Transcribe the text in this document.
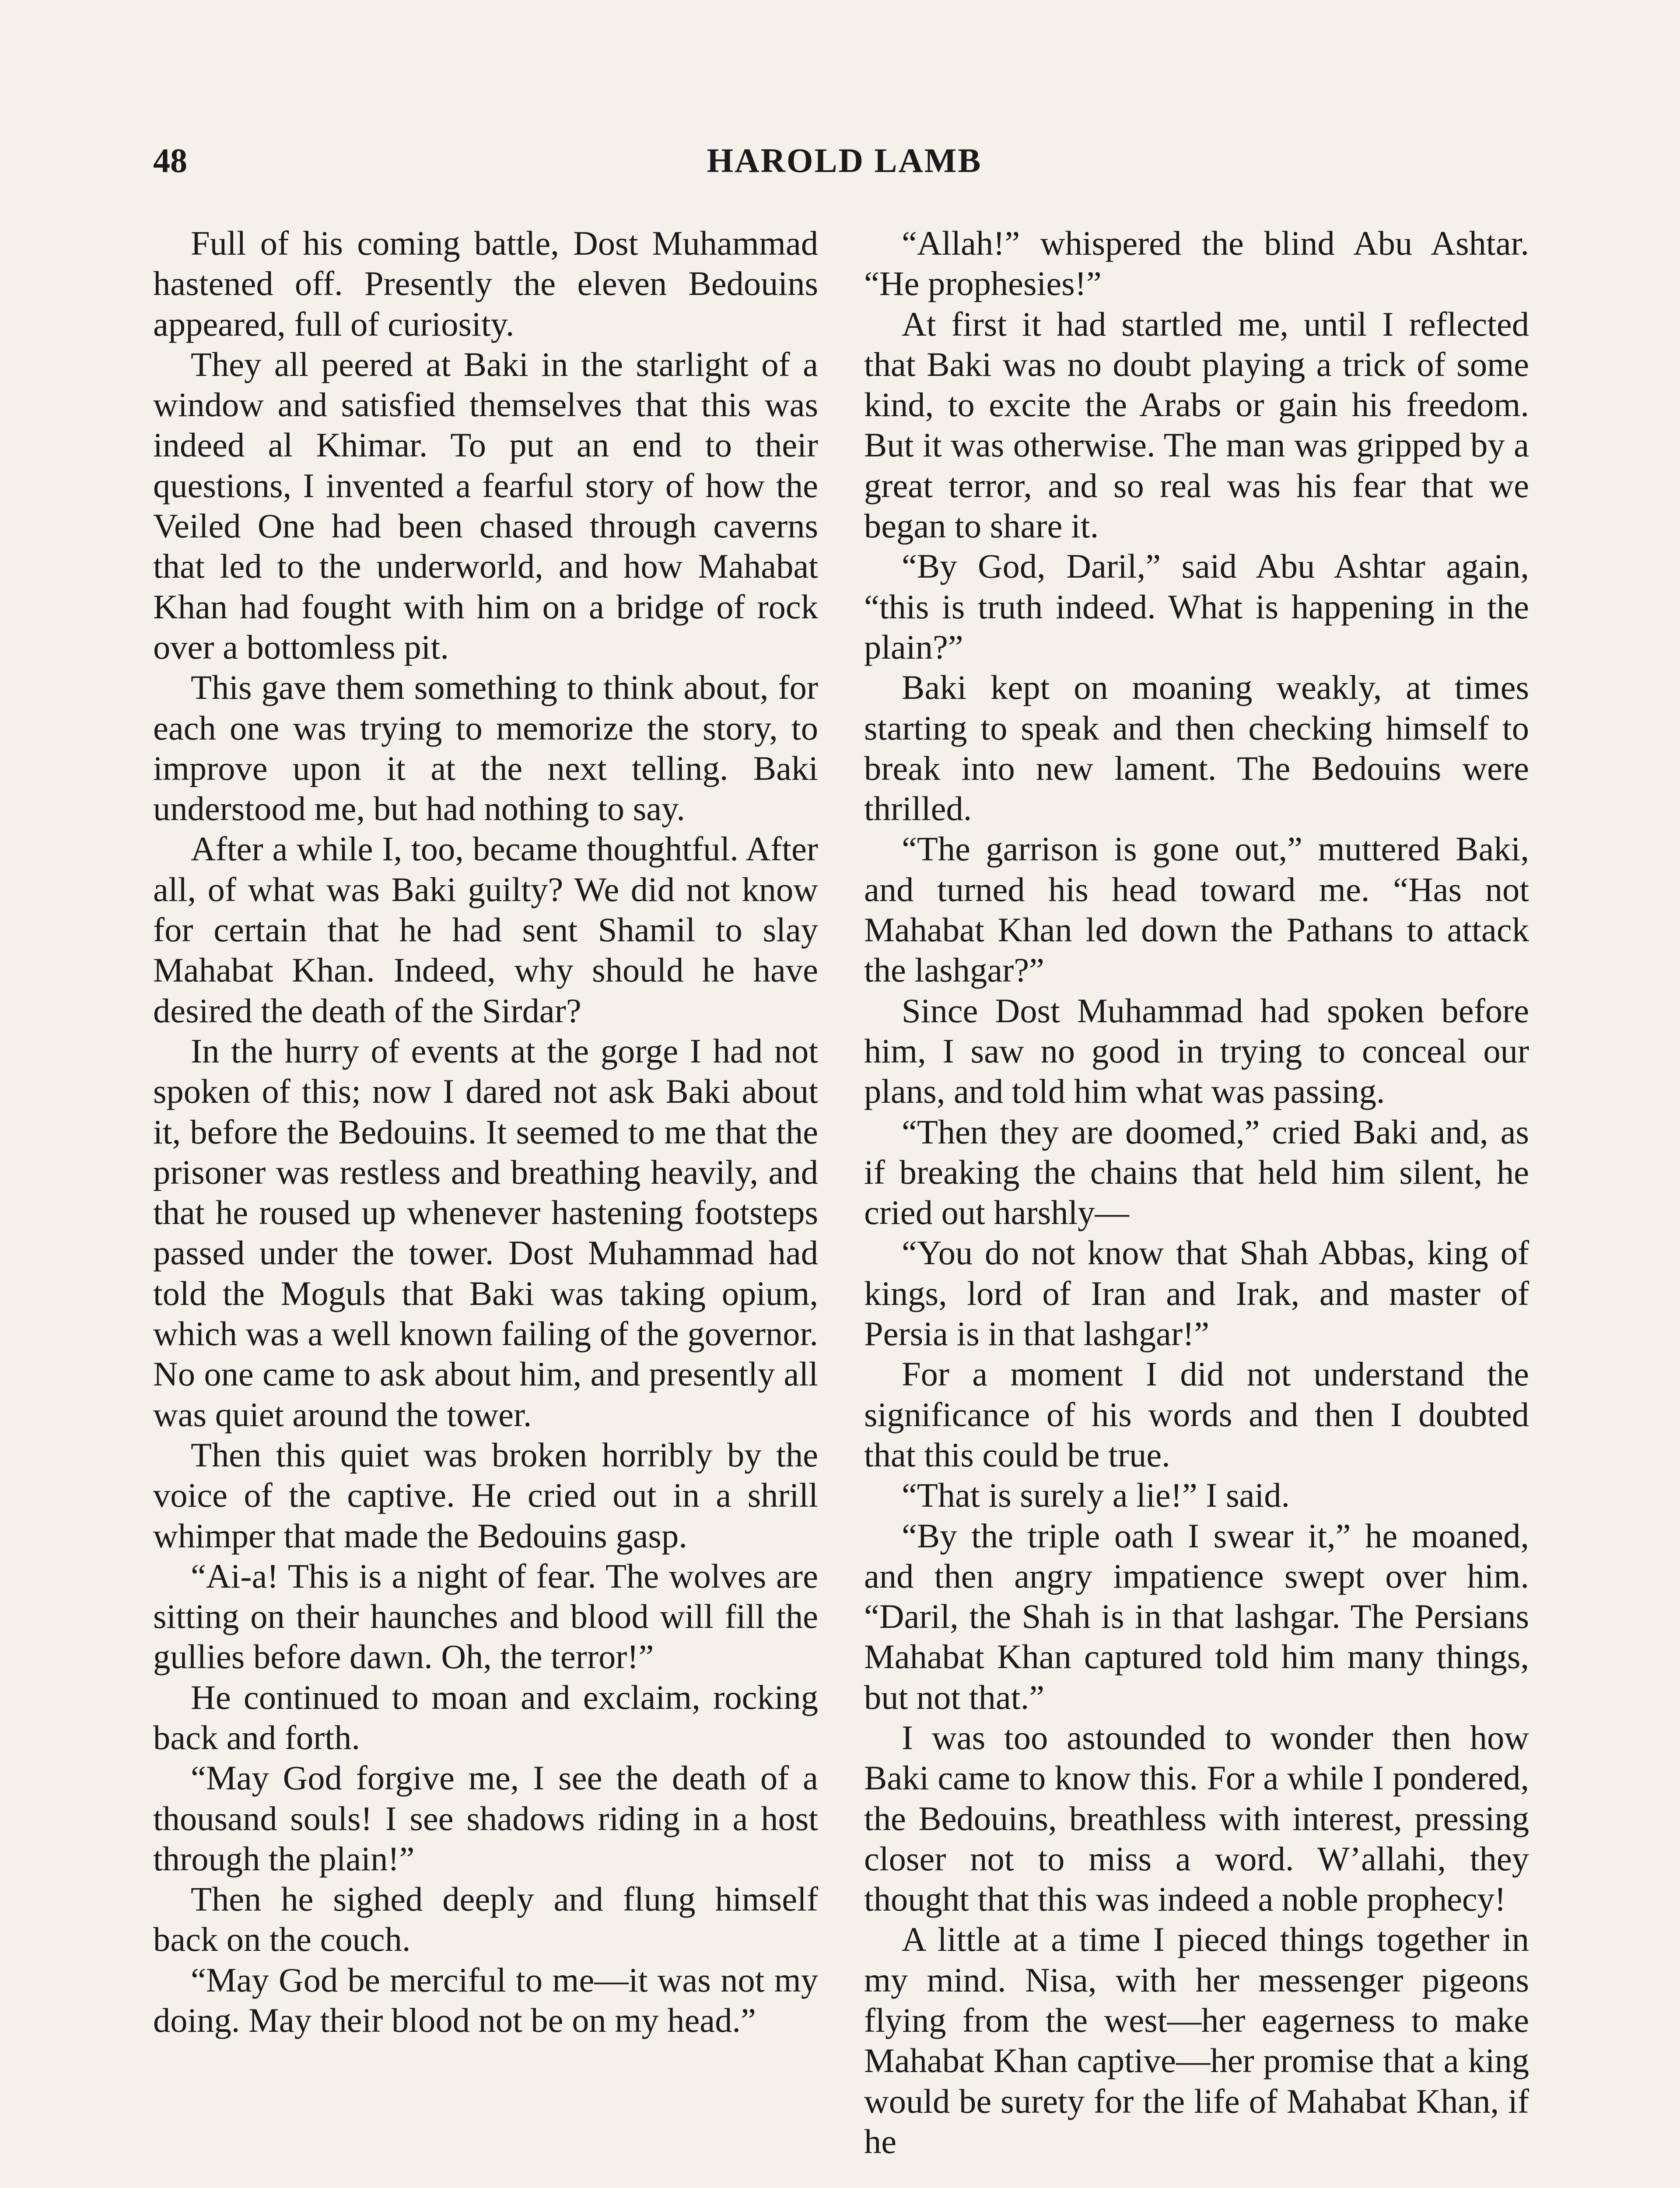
48	HAROLD LAMB

Full of his coming battle, Dost Muhammad hastened off. Presently the eleven Bedouins appeared, full of curiosity.

They all peered at Baki in the starlight of a window and satisfied themselves that this was indeed al Khimar. To put an end to their questions, I invented a fearful story of how the Veiled One had been chased through caverns that led to the underworld, and how Mahabat Khan had fought with him on a bridge of rock over a bottomless pit.

This gave them something to think about, for each one was trying to memorize the story, to improve upon it at the next telling. Baki understood me, but had nothing to say.

After a while I, too, became thoughtful. After all, of what was Baki guilty? We did not know for certain that he had sent Shamil to slay Mahabat Khan. Indeed, why should he have desired the death of the Sirdar?

In the hurry of events at the gorge I had not spoken of this; now I dared not ask Baki about it, before the Bedouins. It seemed to me that the prisoner was restless and breathing heavily, and that he roused up whenever hastening footsteps passed under the tower. Dost Muhammad had told the Moguls that Baki was taking opium, which was a well known failing of the governor. No one came to ask about him, and presently all was quiet around the tower.

Then this quiet was broken horribly by the voice of the captive. He cried out in a shrill whimper that made the Bedouins gasp.

“Ai-a! This is a night of fear. The wolves are sitting on their haunches and blood will fill the gullies before dawn. Oh, the terror!”

He continued to moan and exclaim, rocking back and forth.

“May God forgive me, I see the death of a thousand souls! I see shadows riding in a host through the plain!”

Then he sighed deeply and flung himself back on the couch.

“May God be merciful to me—it was not my doing. May their blood not be on my head.”

“Allah!” whispered the blind Abu Ashtar. “He prophesies!”

At first it had startled me, until I reflected that Baki was no doubt playing a trick of some kind, to excite the Arabs or gain his freedom. But it was otherwise. The man was gripped by a great terror, and so real was his fear that we began to share it.

“By God, Daril,” said Abu Ashtar again, “this is truth indeed. What is happening in the plain?”

Baki kept on moaning weakly, at times starting to speak and then checking himself to break into new lament. The Bedouins were thrilled.

“The garrison is gone out,” muttered Baki, and turned his head toward me. “Has not Mahabat Khan led down the Pathans to attack the lashgar?”

Since Dost Muhammad had spoken before him, I saw no good in trying to conceal our plans, and told him what was passing.

“Then they are doomed,” cried Baki and, as if breaking the chains that held him silent, he cried out harshly—

“You do not know that Shah Abbas, king of kings, lord of Iran and Irak, and master of Persia is in that lashgar!”

For a moment I did not understand the significance of his words and then I doubted that this could be true.

“That is surely a lie!” I said.

“By the triple oath I swear it,” he moaned, and then angry impatience swept over him. “Daril, the Shah is in that lashgar. The Persians Mahabat Khan captured told him many things, but not that.”

I was too astounded to wonder then how Baki came to know this. For a while I pondered, the Bedouins, breathless with interest, pressing closer not to miss a word. W’allahi, they thought that this was indeed a noble prophecy!

A little at a time I pieced things together in my mind. Nisa, with her messenger pigeons flying from the west—her eagerness to make Mahabat Khan captive—her promise that a king would be surety for the life of Mahabat Khan, if he
